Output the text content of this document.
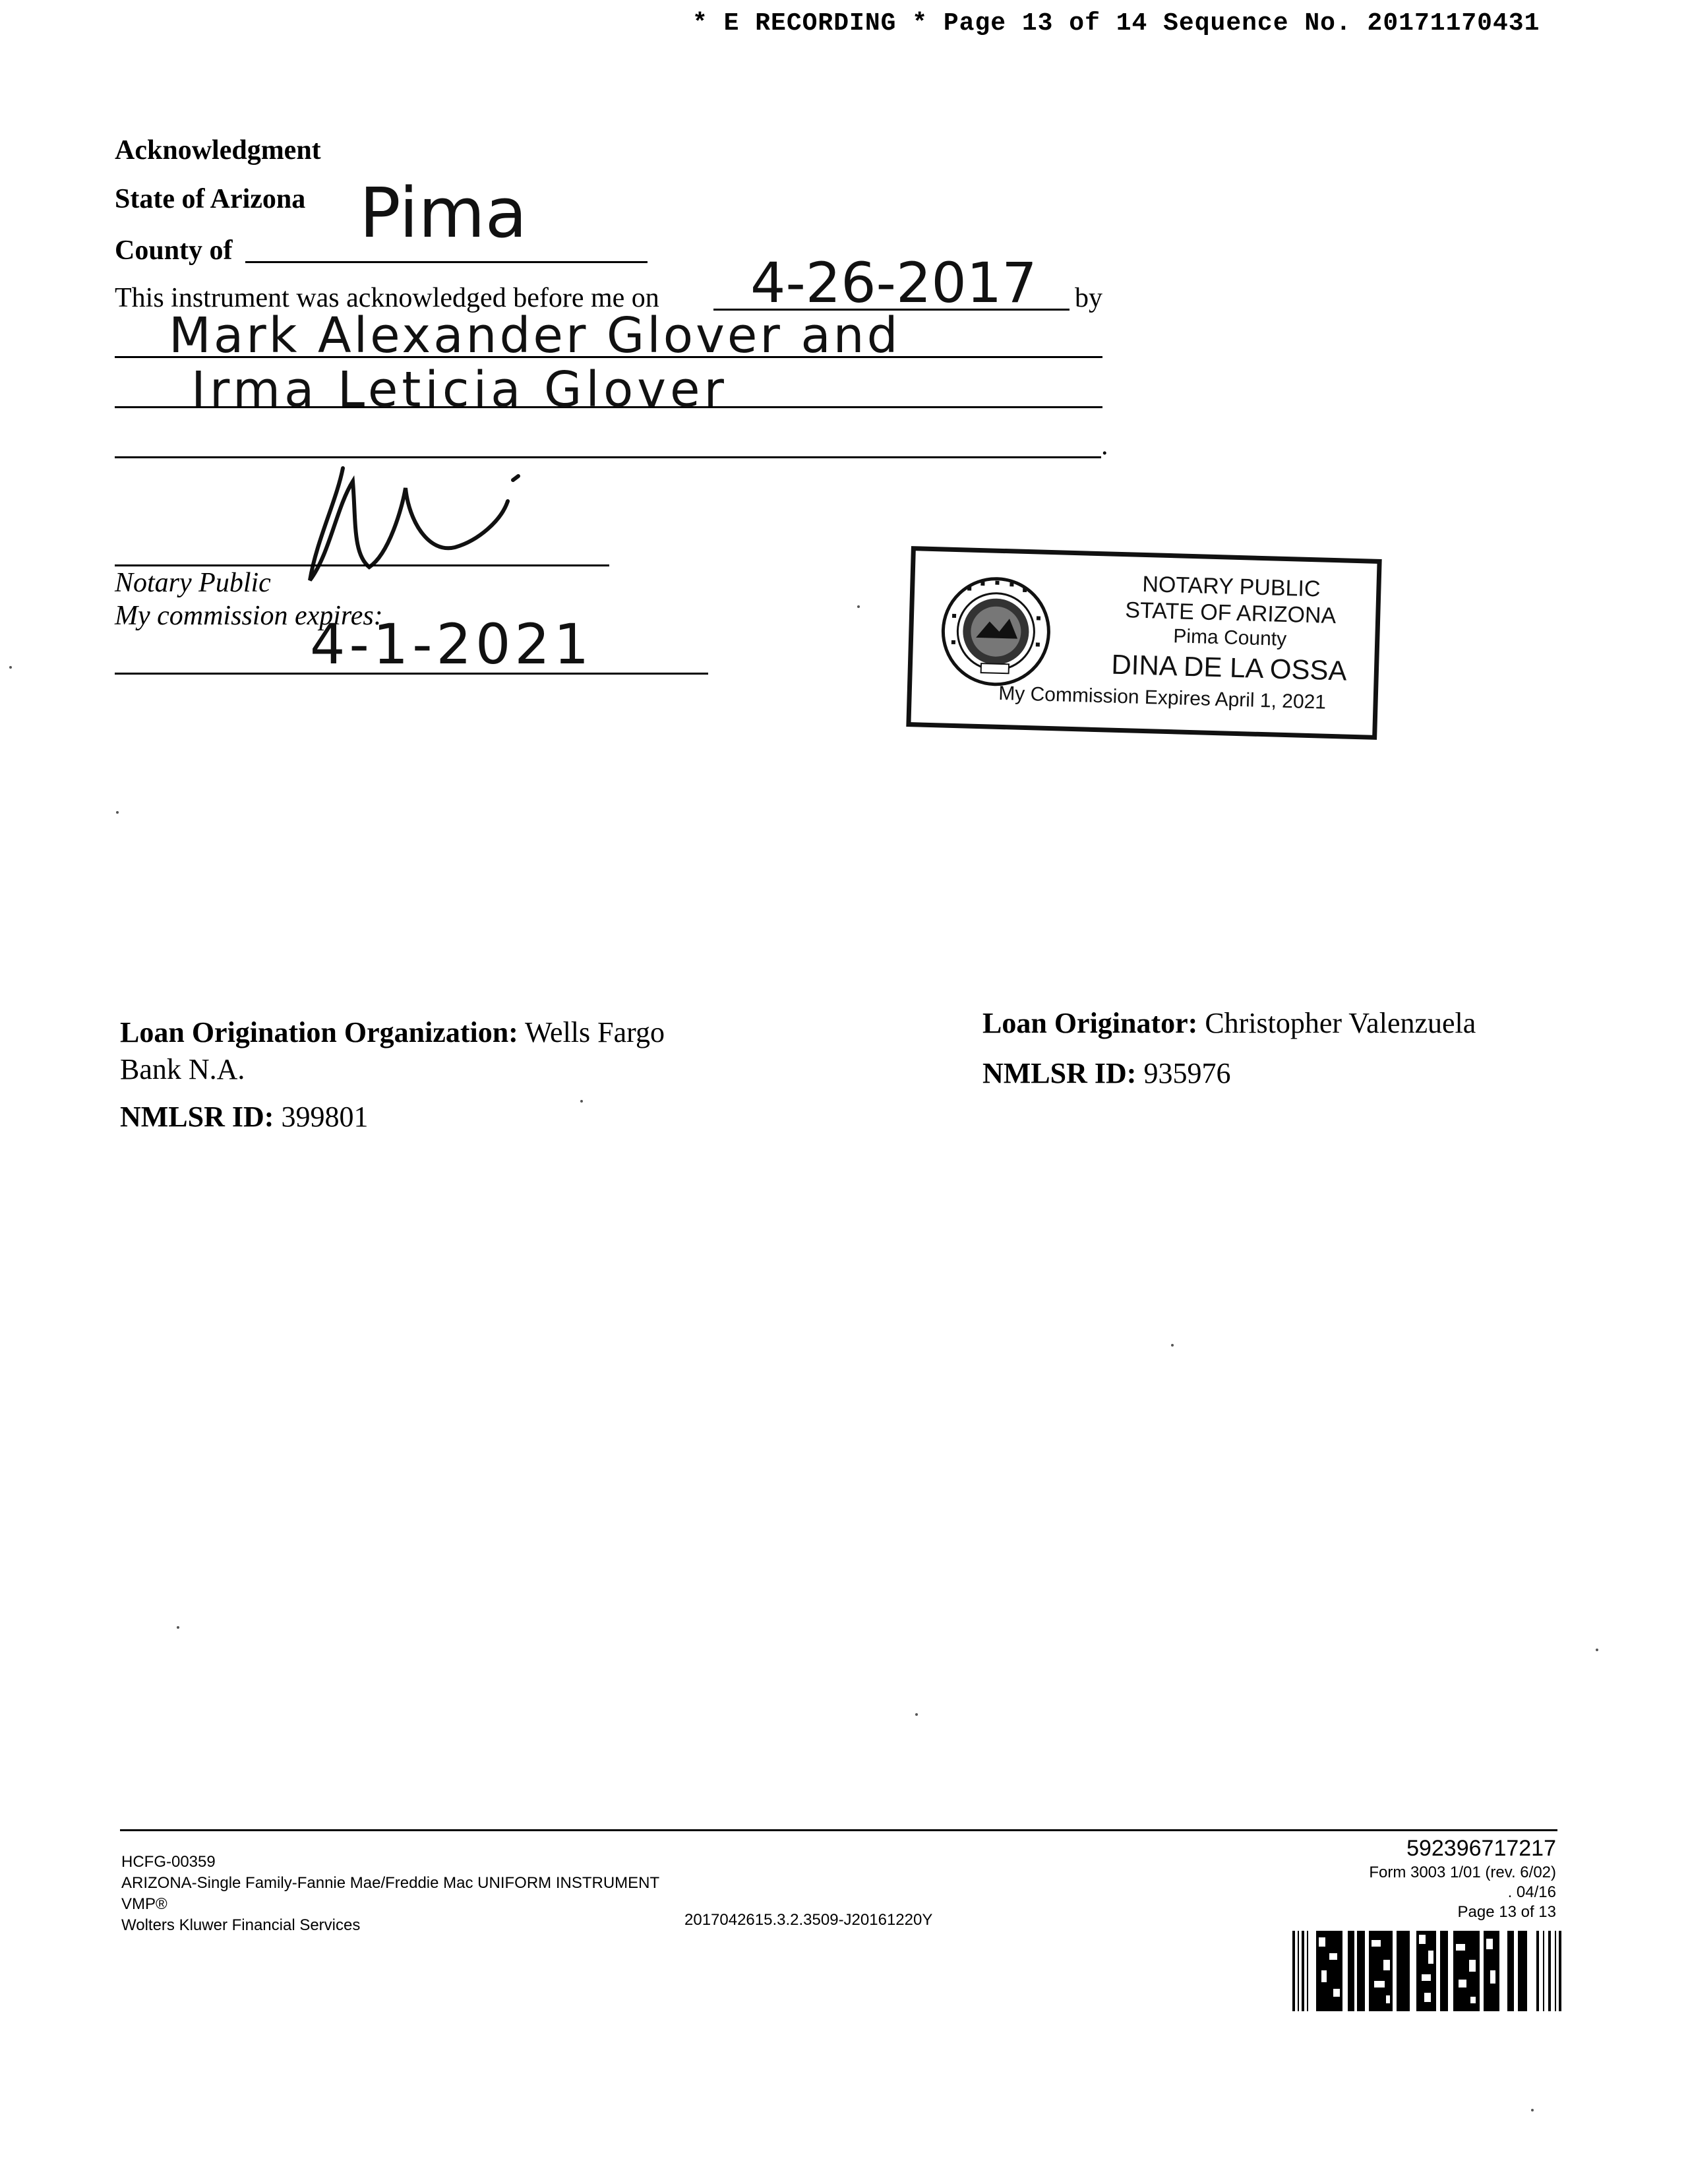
* E RECORDING * Page 13 of 14 Sequence No. 20171170431
Acknowledgment
State of Arizona
County of Pima
This instrument was acknowledged before me on 4-26-2017 by
Mark Alexander Glover and
Irma Leticia Glover
.
Notary Public
My commission expires:
4-1-2021
NOTARY PUBLIC
STATE OF ARIZONA
Pima County
DINA DE LA OSSA
My Commission Expires April 1, 2021
Loan Origination Organization: Wells Fargo
Bank N.A.
NMLSR ID: 399801
Loan Originator: Christopher Valenzuela
NMLSR ID: 935976
HCFG-00359
ARIZONA-Single Family-Fannie Mae/Freddie Mac UNIFORM INSTRUMENT
VMP®
Wolters Kluwer Financial Services	2017042615.3.2.3509-J20161220Y
592396717217
Form 3003 1/01 (rev. 6/02)
. 04/16
Page 13 of 13
